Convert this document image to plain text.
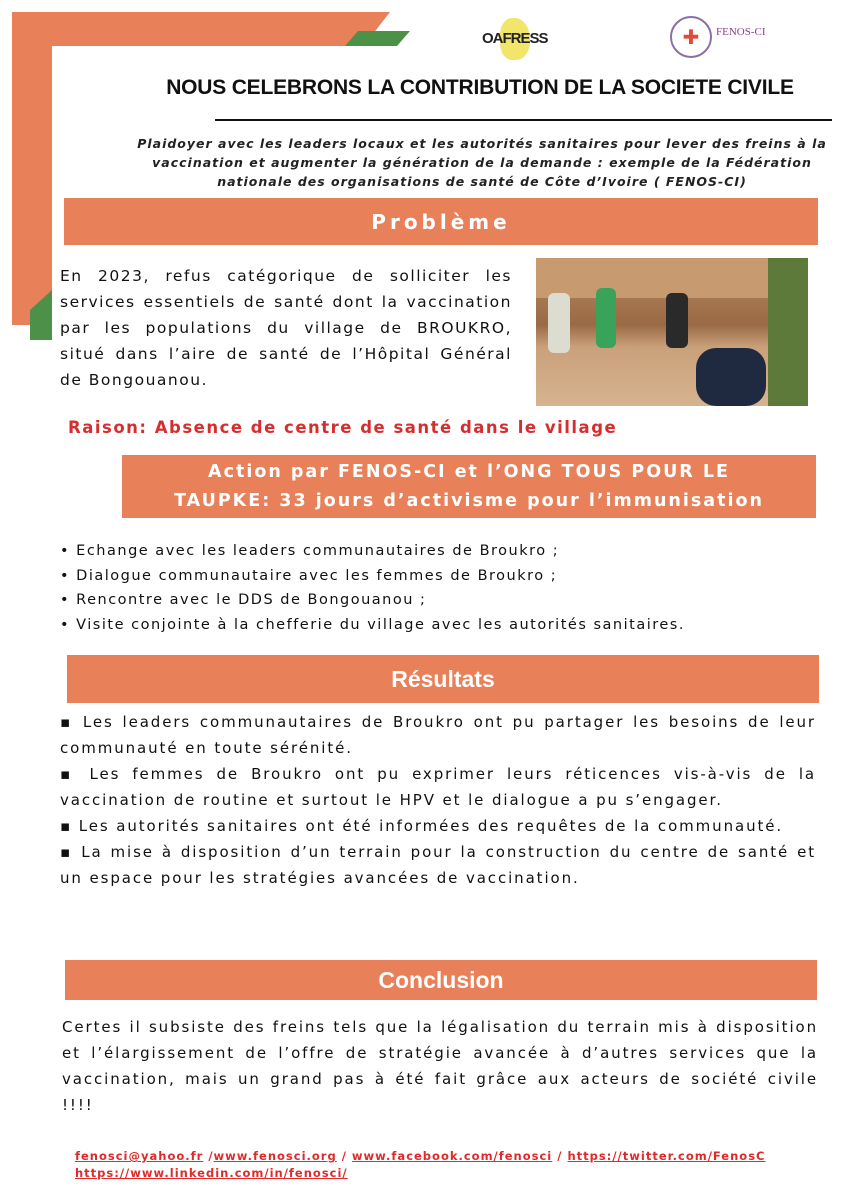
OAFRESS	✚	FENOS-CI
NOUS CELEBRONS LA CONTRIBUTION DE LA SOCIETE CIVILE

Plaidoyer avec les leaders locaux et les autorités sanitaires pour lever des freins à la vaccination et augmenter la génération de la demande : exemple de la Fédération nationale des organisations de santé de Côte d’Ivoire ( FENOS-CI)

Problème

En 2023, refus catégorique de solliciter les services essentiels de santé dont la vaccination par les populations du village de BROUKRO, situé dans l’aire de santé de l’Hôpital Général de Bongouanou.

Raison: Absence de centre de santé dans le village
Action par FENOS-CI et l’ONG TOUS POUR LE
TAUPKE: 33 jours d’activisme pour l’immunisation
• Echange avec les leaders communautaires de Broukro ;
• Dialogue communautaire avec les femmes de Broukro ;
• Rencontre avec le DDS de Bongouanou ;
• Visite conjointe à la chefferie du village avec les autorités sanitaires.
Résultats

▪ Les leaders communautaires de Broukro ont pu partager les besoins de leur communauté en toute sérénité.

▪ Les femmes de Broukro ont pu exprimer leurs réticences vis-à-vis de la vaccination de routine et surtout le HPV et le dialogue a pu s’engager.

▪ Les autorités sanitaires ont été informées des requêtes de la communauté.

▪ La mise à disposition d’un terrain pour la construction du centre de santé et un espace pour les stratégies avancées de vaccination.

Conclusion

Certes il subsiste des freins tels que la légalisation du terrain mis à disposition et l’élargissement de l’offre de stratégie avancée à d’autres services que la vaccination, mais un grand pas à été fait grâce aux acteurs de société civile !!!!

fenosci@yahoo.fr /www.fenosci.org / www.facebook.com/fenosci / https://twitter.com/FenosC
https://www.linkedin.com/in/fenosci/
